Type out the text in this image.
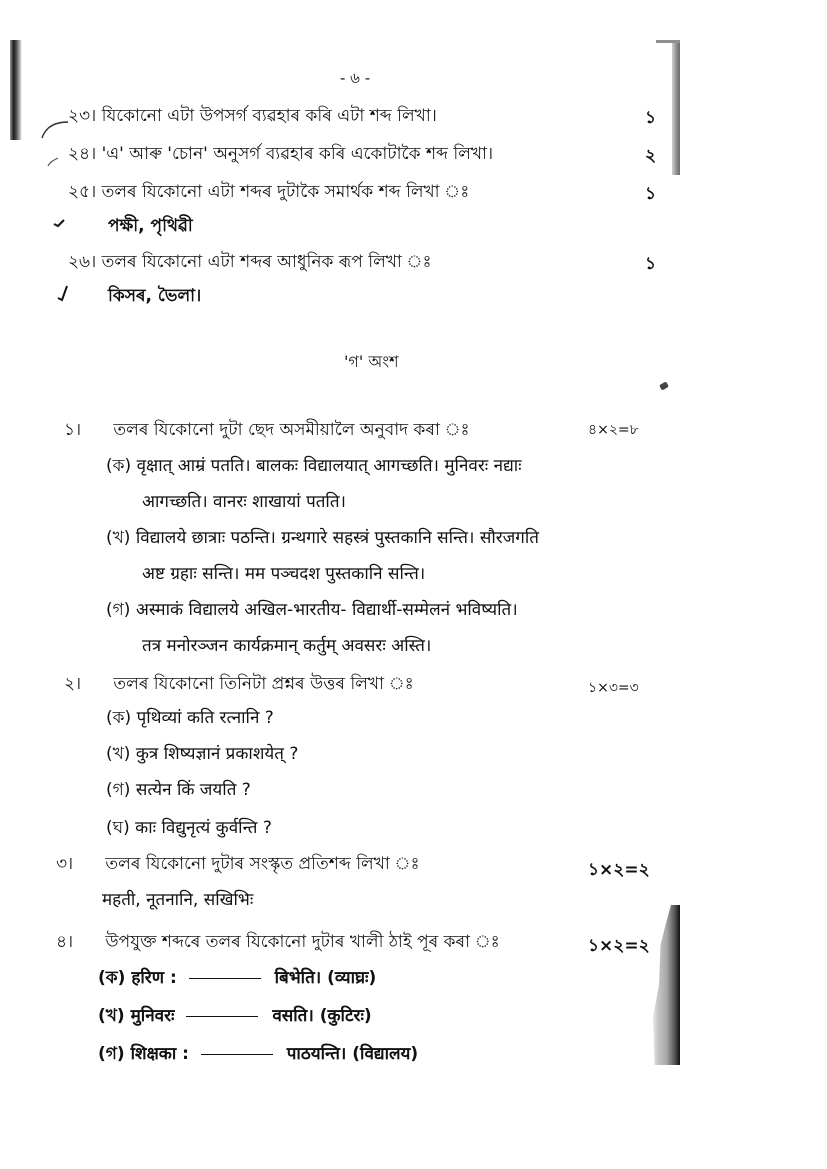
- ৬ -
২৩। যিকোনো এটা উপসৰ্গ ব্যৱহাৰ কৰি এটা শব্দ লিখা।	১
২৪। 'এ' আৰু 'চোন' অনুসৰ্গ ব্যৱহাৰ কৰি একোটাকৈ শব্দ লিখা।	২
২৫। তলৰ যিকোনো এটা শব্দৰ দুটাকৈ সমাৰ্থক শব্দ লিখা ঃ	১
পক্ষী, পৃথিৱী
২৬। তলৰ যিকোনো এটা শব্দৰ আধুনিক ৰূপ লিখা ঃ	১
কিসৰ, ভৈলা।
'গ' অংশ
১। তলৰ যিকোনো দুটা ছেদ অসমীয়ালৈ অনুবাদ কৰা ঃ	৪×২=৮
(ক) वृक्षात् आम्रं पतति। बालकः विद्यालयात् आगच्छति। मुनिवरः नद्याः
आगच्छति। वानरः शाखायां पतति।
(খ) विद्यालये छात्राः पठन्ति। ग्रन्थगारे सहस्त्रं पुस्तकानि सन्ति। सौरजगति
अष्ट ग्रहाः सन्ति। मम पञ्चदश पुस्तकानि सन्ति।
(গ) अस्माकं विद्यालये अखिल-भारतीय- विद्यार्थी-सम्मेलनं भविष्यति।
तत्र मनोरञ्जन कार्यक्रमान् कर्तुम् अवसरः अस्ति।
২। তলৰ যিকোনো তিনিটা প্ৰশ্নৰ উত্তৰ লিখা ঃ	১×৩=৩
(ক) पृथिव्यां कति रत्नानि ?
(খ) कुत्र शिष्यज्ञानं प्रकाशयेत् ?
(গ) सत्येन किं जयति ?
(ঘ) काः विद्युनृत्यं कुर्वन्ति ?
৩। তলৰ যিকোনো দুটাৰ সংস্কৃত প্ৰতিশব্দ লিখা ঃ	১×২=২
महती, नूतनानि, सखिभिः
৪। উপযুক্ত শব্দৰে তলৰ যিকোনো দুটাৰ খালী ঠাই পূৰ কৰা ঃ	১×২=২
(ক) हरिण :	बिभेति। (व्याघ्रः)
(খ) मुनिवरः	वसति। (कुटिरः)
(গ) शिक्षका :	पाठयन्ति। (विद्यालय)
